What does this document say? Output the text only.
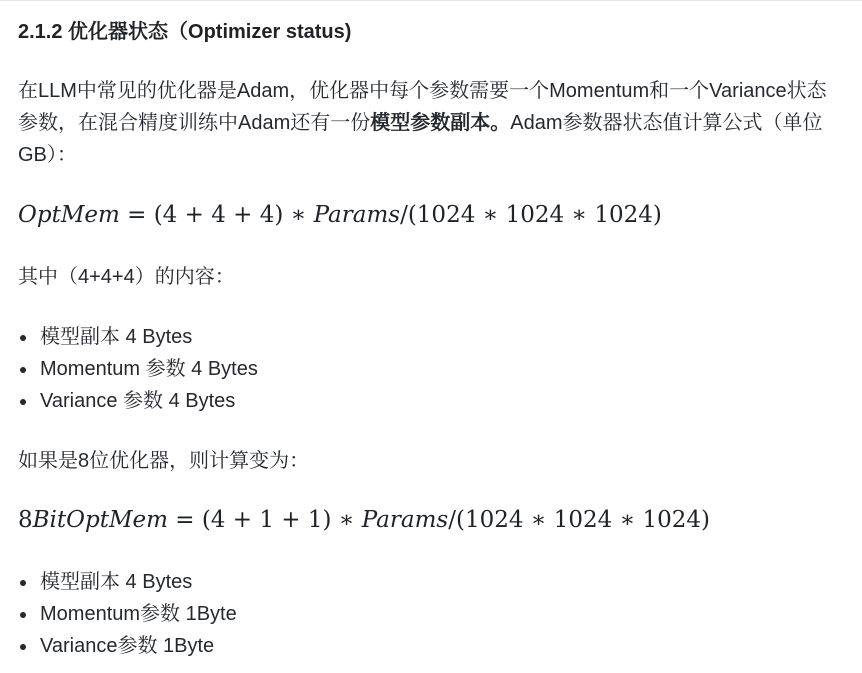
2.1.2 优化器状态（Optimizer status)

在LLM中常见的优化器是Adam，优化器中每个参数需要一个Momentum和一个Variance状态参数，在混合精度训练中Adam还有一份模型参数副本。Adam参数器状态值计算公式（单位GB）：

OptMem = (4 + 4 + 4) ∗ Params/(1024 ∗ 1024 ∗ 1024)

其中（4+4+4）的内容：

模型副本 4 Bytes
Momentum 参数 4 Bytes
Variance 参数 4 Bytes

如果是8位优化器，则计算变为：

8BitOptMem = (4 + 1 + 1) ∗ Params/(1024 ∗ 1024 ∗ 1024)
模型副本 4 Bytes
Momentum参数 1Byte
Variance参数 1Byte
